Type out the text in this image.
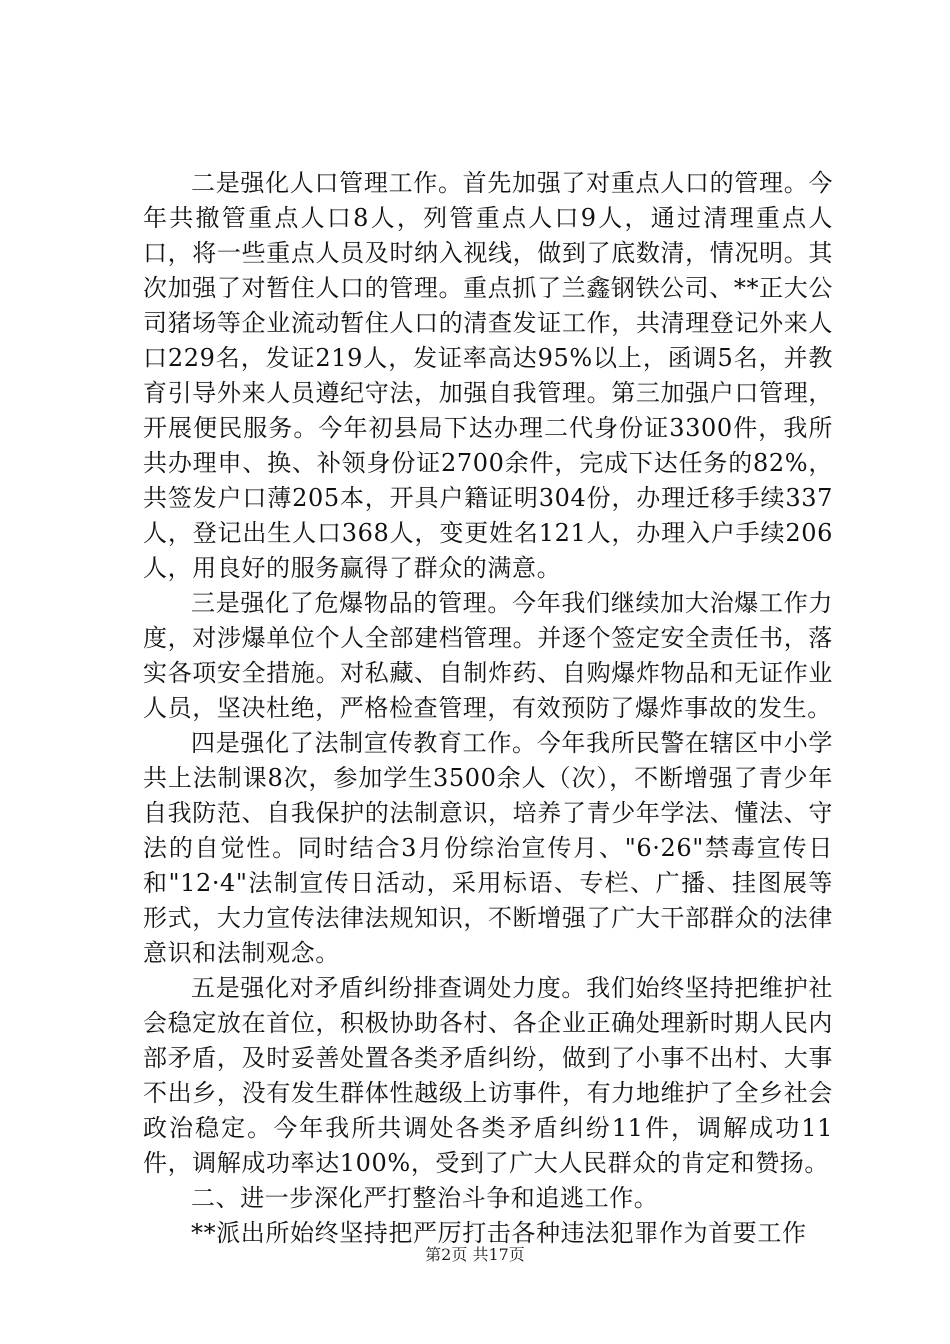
二是强化人口管理工作。首先加强了对重点人口的管理。今年共撤管重点人口8人，列管重点人口9人，通过清理重点人口，将一些重点人员及时纳入视线，做到了底数清，情况明。其次加强了对暂住人口的管理。重点抓了兰鑫钢铁公司、**正大公司猪场等企业流动暂住人口的清查发证工作，共清理登记外来人口229名，发证219人，发证率高达95%以上，函调5名，并教育引导外来人员遵纪守法，加强自我管理。第三加强户口管理，开展便民服务。今年初县局下达办理二代身份证3300件，我所共办理申、换、补领身份证2700余件，完成下达任务的82%，共签发户口薄205本，开具户籍证明304份，办理迁移手续337人，登记出生人口368人，变更姓名121人，办理入户手续206人，用良好的服务赢得了群众的满意。

三是强化了危爆物品的管理。今年我们继续加大治爆工作力度，对涉爆单位个人全部建档管理。并逐个签定安全责任书，落实各项安全措施。对私藏、自制炸药、自购爆炸物品和无证作业人员，坚决杜绝，严格检查管理，有效预防了爆炸事故的发生。

四是强化了法制宣传教育工作。今年我所民警在辖区中小学共上法制课8次，参加学生3500余人（次），不断增强了青少年自我防范、自我保护的法制意识，培养了青少年学法、懂法、守法的自觉性。同时结合3月份综治宣传月、"6·26"禁毒宣传日和"12·4"法制宣传日活动，采用标语、专栏、广播、挂图展等形式，大力宣传法律法规知识，不断增强了广大干部群众的法律意识和法制观念。

五是强化对矛盾纠纷排查调处力度。我们始终坚持把维护社会稳定放在首位，积极协助各村、各企业正确处理新时期人民内部矛盾，及时妥善处置各类矛盾纠纷，做到了小事不出村、大事不出乡，没有发生群体性越级上访事件，有力地维护了全乡社会政治稳定。今年我所共调处各类矛盾纠纷11件，调解成功11件，调解成功率达100%，受到了广大人民群众的肯定和赞扬。

二、进一步深化严打整治斗争和追逃工作。

**派出所始终坚持把严厉打击各种违法犯罪作为首要工作

第2页 共17页
